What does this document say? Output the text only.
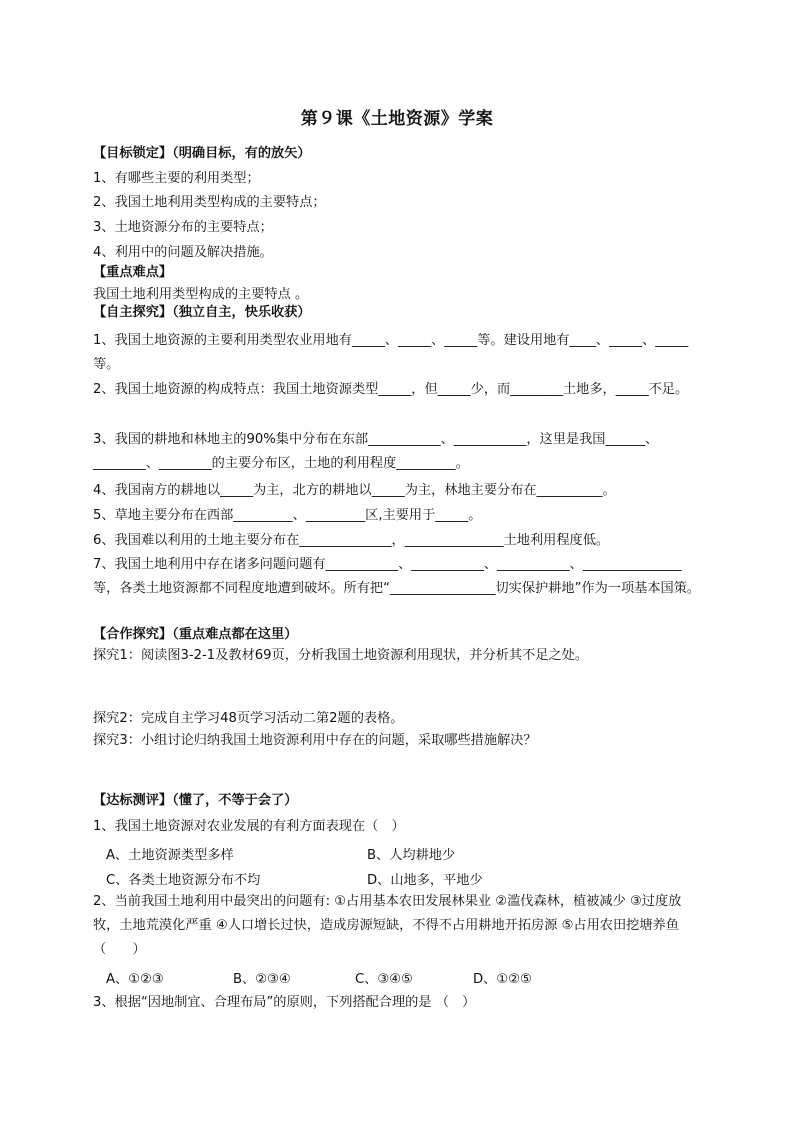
第９课《土地资源》学案
【目标锁定】（明确目标，有的放矢）
1、有哪些主要的利用类型；
2、我国土地利用类型构成的主要特点；
3、土地资源分布的主要特点；
4、利用中的问题及解决措施。
【重点难点】
我国土地利用类型构成的主要特点 。
【自主探究】（独立自主，快乐收获）
1、我国土地资源的主要利用类型农业用地有_____、_____、_____等。建设用地有____、_____、_____等。
2、我国土地资源的构成特点：我国土地资源类型_____，但_____少，而________土地多，_____不足。
3、我国的耕地和林地主的90%集中分布在东部___________、___________，这里是我国______、________、________的主要分布区，土地的利用程度_________。
4、我国南方的耕地以_____为主，北方的耕地以_____为主，林地主要分布在__________。
5、草地主要分布在西部_________、_________区,主要用于_____。
6、我国难以利用的土地主要分布在______________，_______________土地利用程度低。
7、我国土地利用中存在诸多问题问题有___________、___________、___________、_______________等，各类土地资源都不同程度地遭到破坏。所有把“________________切实保护耕地”作为一项基本国策。
【合作探究】（重点难点都在这里）
探究1：阅读图3-2-1及教材69页，分析我国土地资源利用现状，并分析其不足之处。
探究2：完成自主学习48页学习活动二第2题的表格。
探究3：小组讨论归纳我国土地资源利用中存在的问题，采取哪些措施解决？
【达标测评】（懂了，不等于会了）
1、我国土地资源对农业发展的有利方面表现在（　）
A、土地资源类型多样	B、人均耕地少
C、各类土地资源分布不均	D、山地多，平地少
2、当前我国土地利用中最突出的问题有: ①占用基本农田发展林果业 ②滥伐森林，植被减少 ③过度放牧，土地荒漠化严重 ④人口增长过快，造成房源短缺，不得不占用耕地开拓房源 ⑤占用农田挖塘养鱼（　　）
A、①②③	B、②③④	C、③④⑤	D、①②⑤
3、根据“因地制宜、合理布局”的原则，下列搭配合理的是 （　）
